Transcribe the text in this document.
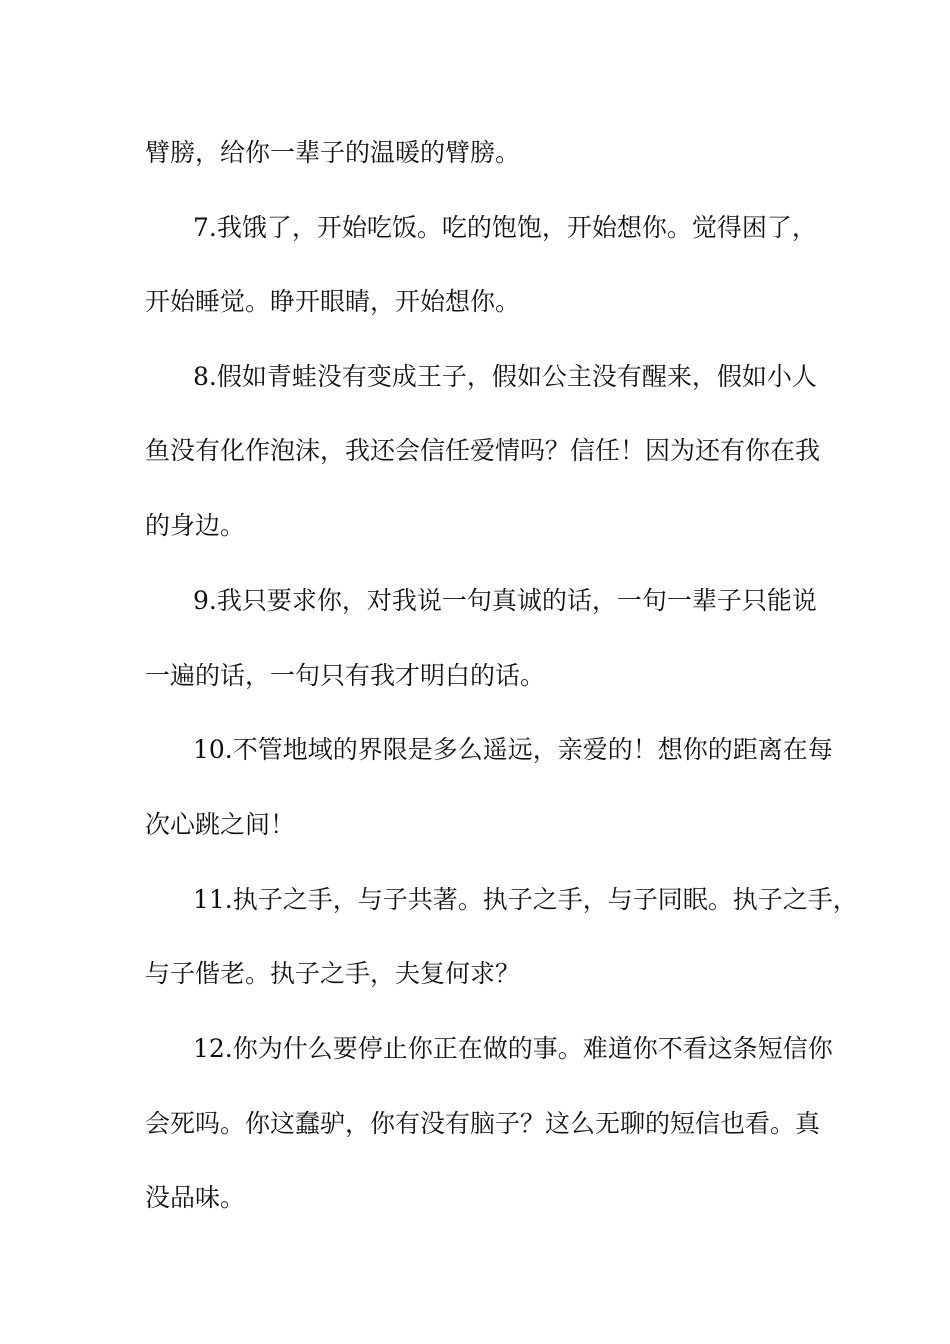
臂膀，给你一辈子的温暖的臂膀。

7.我饿了，开始吃饭。吃的饱饱，开始想你。觉得困了，

开始睡觉。睁开眼睛，开始想你。

8.假如青蛙没有变成王子，假如公主没有醒来，假如小人

鱼没有化作泡沫，我还会信任爱情吗？信任！因为还有你在我

的身边。

9.我只要求你，对我说一句真诚的话，一句一辈子只能说

一遍的话，一句只有我才明白的话。

10.不管地域的界限是多么遥远，亲爱的！想你的距离在每

次心跳之间！

11.执子之手，与子共著。执子之手，与子同眠。执子之手，

与子偕老。执子之手，夫复何求？

12.你为什么要停止你正在做的事。难道你不看这条短信你

会死吗。你这蠢驴，你有没有脑子？这么无聊的短信也看。真

没品味。
